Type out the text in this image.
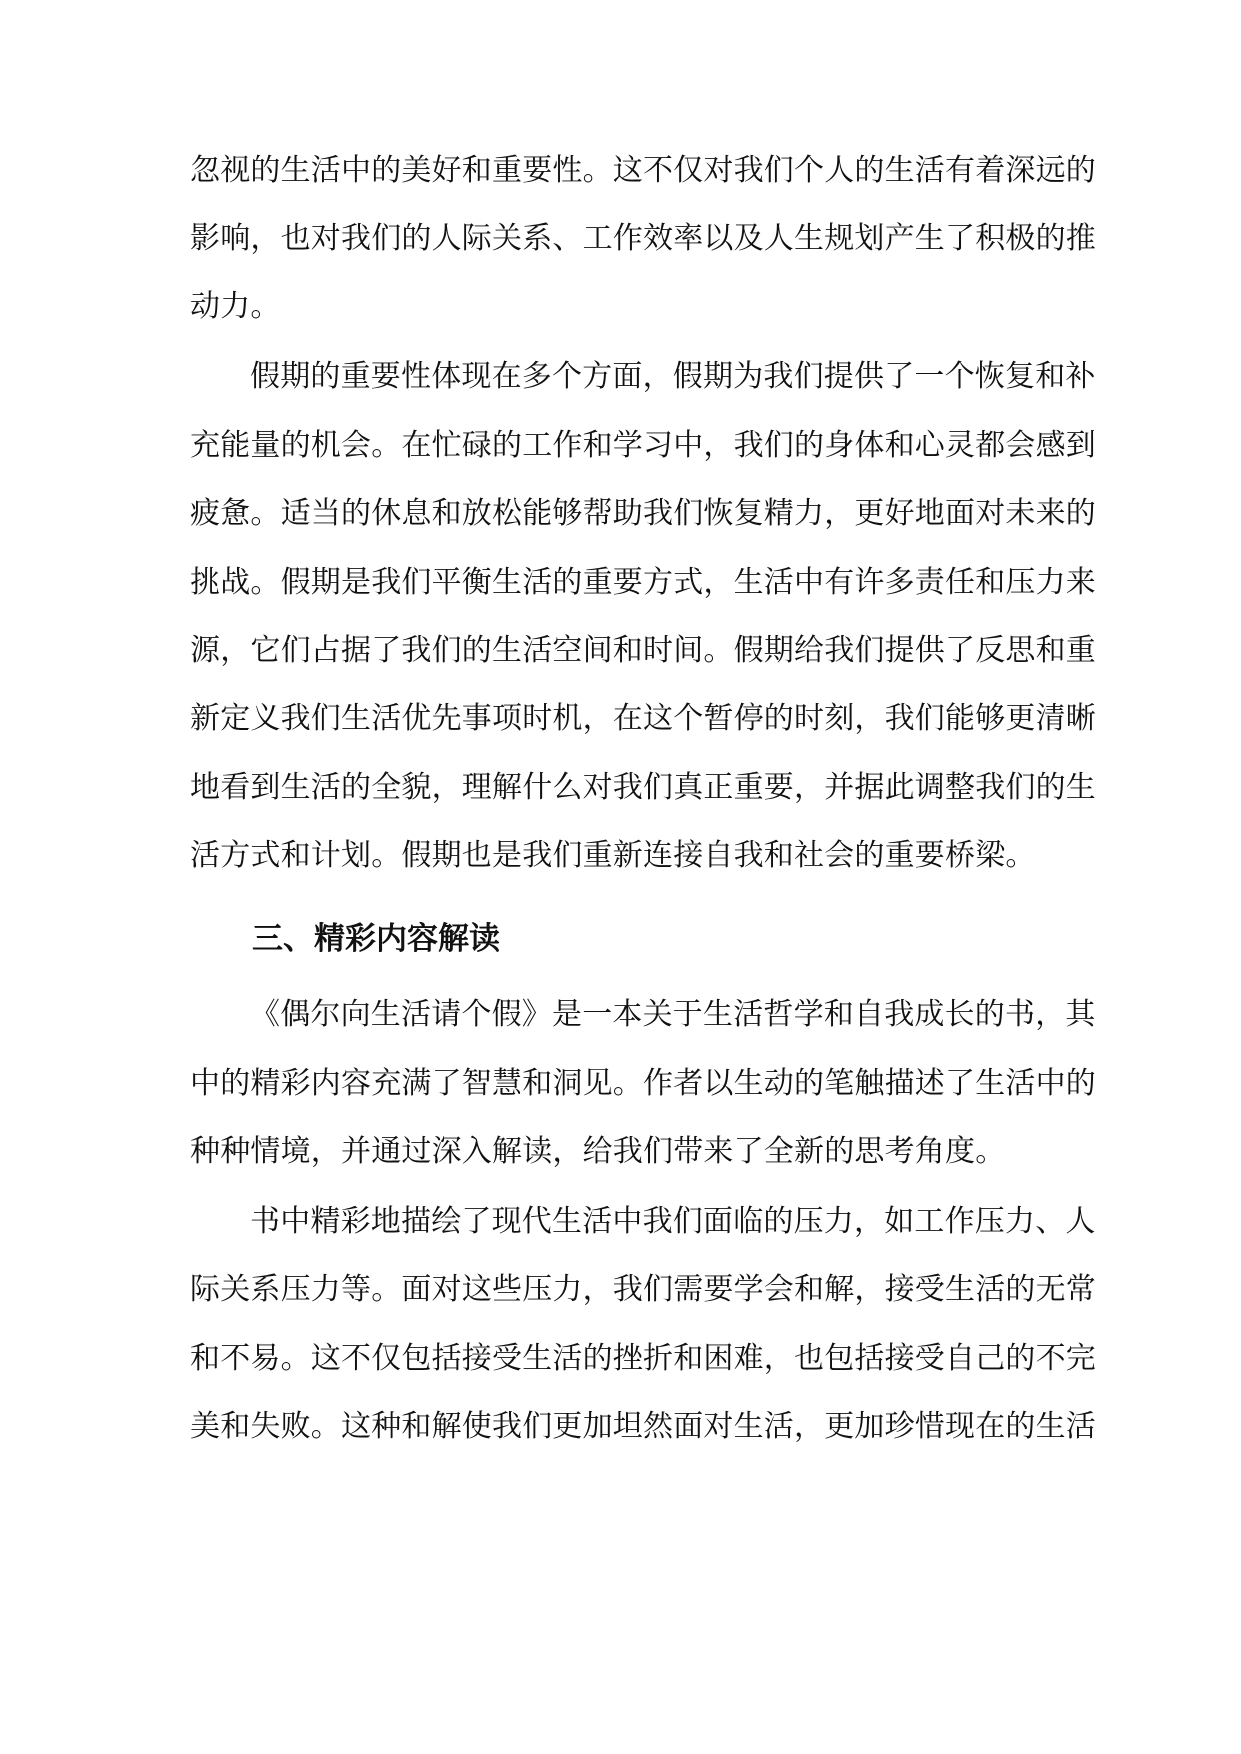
忽视的生活中的美好和重要性。这不仅对我们个人的生活有着深远的
影响，也对我们的人际关系、工作效率以及人生规划产生了积极的推
动力。
假期的重要性体现在多个方面，假期为我们提供了一个恢复和补
充能量的机会。在忙碌的工作和学习中，我们的身体和心灵都会感到
疲惫。适当的休息和放松能够帮助我们恢复精力，更好地面对未来的
挑战。假期是我们平衡生活的重要方式，生活中有许多责任和压力来
源，它们占据了我们的生活空间和时间。假期给我们提供了反思和重
新定义我们生活优先事项时机，在这个暂停的时刻，我们能够更清晰
地看到生活的全貌，理解什么对我们真正重要，并据此调整我们的生
活方式和计划。假期也是我们重新连接自我和社会的重要桥梁。
三、精彩内容解读
《偶尔向生活请个假》是一本关于生活哲学和自我成长的书，其
中的精彩内容充满了智慧和洞见。作者以生动的笔触描述了生活中的
种种情境，并通过深入解读，给我们带来了全新的思考角度。
书中精彩地描绘了现代生活中我们面临的压力，如工作压力、人
际关系压力等。面对这些压力，我们需要学会和解，接受生活的无常
和不易。这不仅包括接受生活的挫折和困难，也包括接受自己的不完
美和失败。这种和解使我们更加坦然面对生活，更加珍惜现在的生活
